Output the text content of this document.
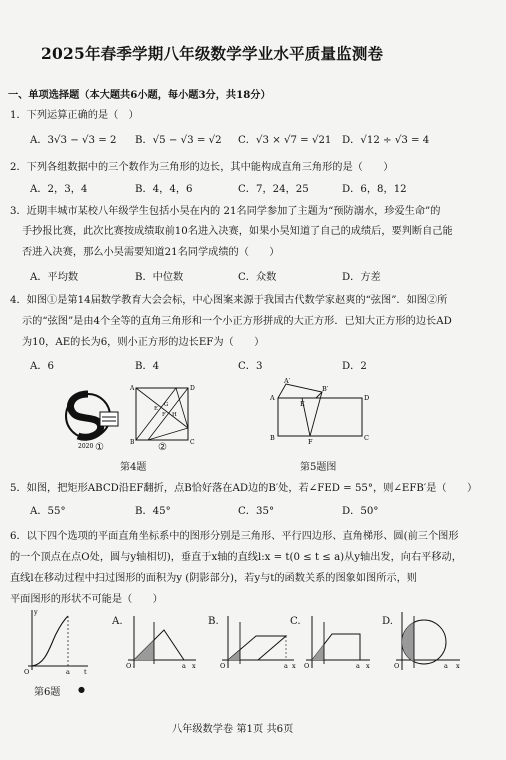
2025年春季学期八年级数学学业水平质量监测卷
一、单项选择题（本大题共6小题，每小题3分，共18分）
1．下列运算正确的是（　）
A．3√3 − √3 = 2 B．√5 − √3 = √2 C．√3 × √7 = √21 D．√12 ÷ √3 = 4
2．下列各组数据中的三个数作为三角形的边长，其中能构成直角三角形的是（　　）
A．2，3，4	B．4，4，6	C．7，24，25	D．6，8，12
3．近期丰城市某校八年级学生包括小昊在内的 21名同学参加了主题为“预防溺水，珍爱生命”的
手抄报比赛，此次比赛按成绩取前10名进入决赛，如果小昊知道了自己的成绩后，要判断自己能
否进入决赛，那么小昊需要知道21名同学成绩的（　　）
A．平均数	B．中位数	C．众数	D．方差
4．如图①是第14届数学教育大会会标，中心图案来源于我国古代数学家赵爽的“弦图”．如图②所
示的“弦图”是由4个全等的直角三角形和一个小正方形拼成的大正方形．已知大正方形的边长AD
为10，AE的长为6，则小正方形的边长EF为（　　）
A．6	B．4	C．3	D．2
2020 ①
A	D
B	C
E
F
G
H
②
第4题
A
B	C
D
E
F
A′
B′
第5题图
5．如图，把矩形ABCD沿EF翻折，点B恰好落在AD边的B′处，若∠FED = 55°，则∠EFB′是（　　）
A．55°	B．45°	C．35°	D．50°
6．以下四个选项的平面直角坐标系中的图形分别是三角形、平行四边形、直角梯形、圆(前三个图形
的一个顶点在点O处，圆与y轴相切)，垂直于x轴的直线l:x = t(0 ≤ t ≤ a)从y轴出发，向右平移动，
直线l在移动过程中扫过图形的面积为y (阴影部分)，若y与t的函数关系的图象如图所示，则
平面图形的形状不可能是（　　）
O	a t
y
第6题 ●
A.
O	a x
B.
O	a x
C.
O	a x
D.
O	a x
八年级数学卷 第1页 共6页
